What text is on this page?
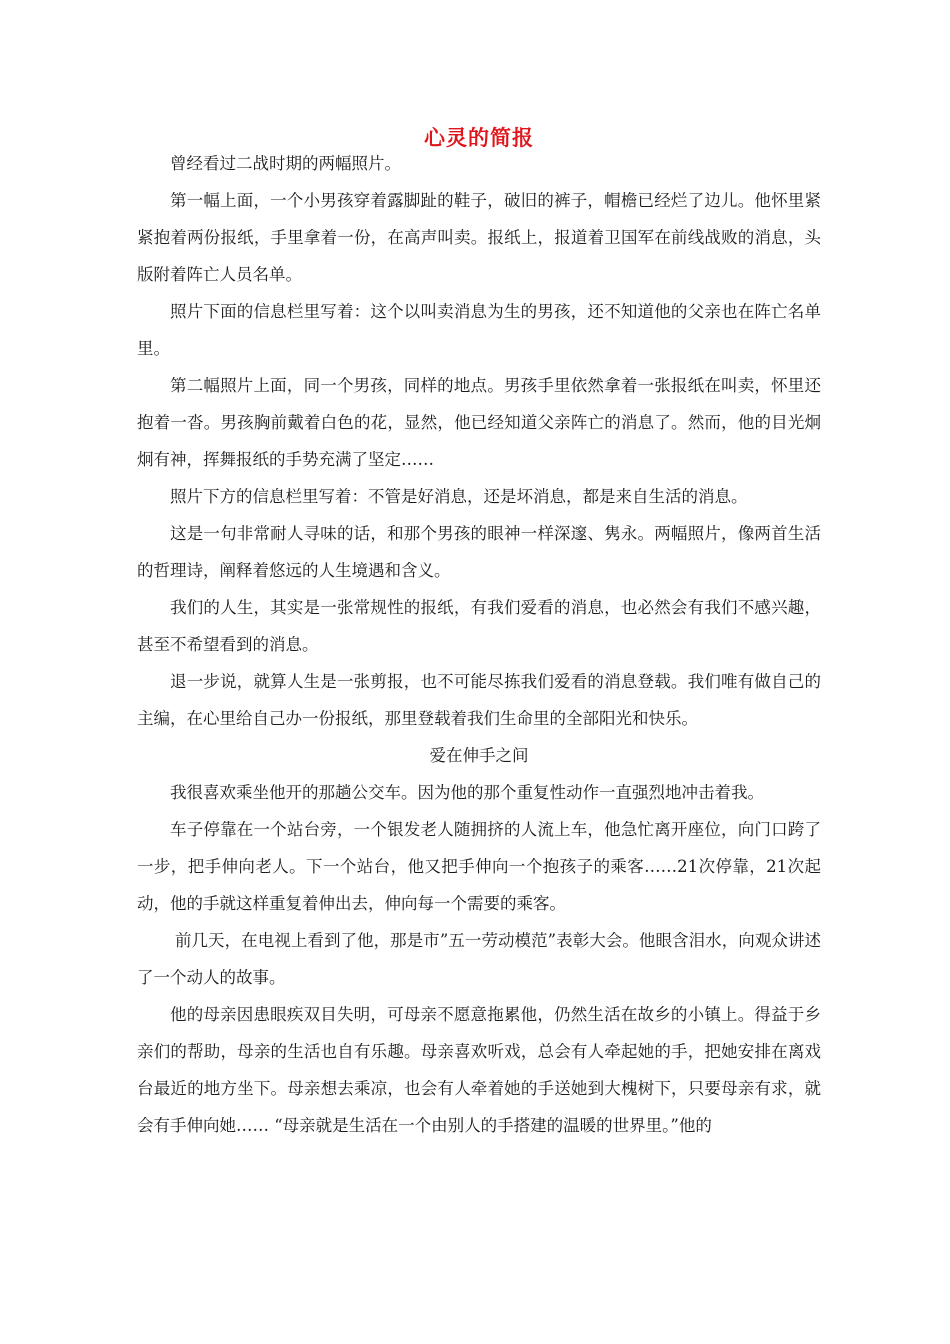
心灵的简报

曾经看过二战时期的两幅照片。

第一幅上面，一个小男孩穿着露脚趾的鞋子，破旧的裤子，帽檐已经烂了边儿。他怀里紧紧抱着两份报纸，手里拿着一份，在高声叫卖。报纸上，报道着卫国军在前线战败的消息，头版附着阵亡人员名单。

照片下面的信息栏里写着：这个以叫卖消息为生的男孩，还不知道他的父亲也在阵亡名单里。

第二幅照片上面，同一个男孩，同样的地点。男孩手里依然拿着一张报纸在叫卖，怀里还抱着一沓。男孩胸前戴着白色的花，显然，他已经知道父亲阵亡的消息了。然而，他的目光炯炯有神，挥舞报纸的手势充满了坚定……

照片下方的信息栏里写着：不管是好消息，还是坏消息，都是来自生活的消息。

这是一句非常耐人寻味的话，和那个男孩的眼神一样深邃、隽永。两幅照片，像两首生活的哲理诗，阐释着悠远的人生境遇和含义。

我们的人生，其实是一张常规性的报纸，有我们爱看的消息，也必然会有我们不感兴趣，甚至不希望看到的消息。

退一步说，就算人生是一张剪报，也不可能尽拣我们爱看的消息登载。我们唯有做自己的主编，在心里给自己办一份报纸，那里登载着我们生命里的全部阳光和快乐。

爱在伸手之间

我很喜欢乘坐他开的那趟公交车。因为他的那个重复性动作一直强烈地冲击着我。

车子停靠在一个站台旁，一个银发老人随拥挤的人流上车，他急忙离开座位，向门口跨了一步，把手伸向老人。下一个站台，他又把手伸向一个抱孩子的乘客……21次停靠，21次起动，他的手就这样重复着伸出去，伸向每一个需要的乘客。

前几天，在电视上看到了他，那是市”五一劳动模范”表彰大会。他眼含泪水，向观众讲述了一个动人的故事。

他的母亲因患眼疾双目失明，可母亲不愿意拖累他，仍然生活在故乡的小镇上。得益于乡亲们的帮助，母亲的生活也自有乐趣。母亲喜欢听戏，总会有人牵起她的手，把她安排在离戏台最近的地方坐下。母亲想去乘凉，也会有人牵着她的手送她到大槐树下，只要母亲有求，就会有手伸向她…… “母亲就是生活在一个由别人的手搭建的温暖的世界里。”他的
